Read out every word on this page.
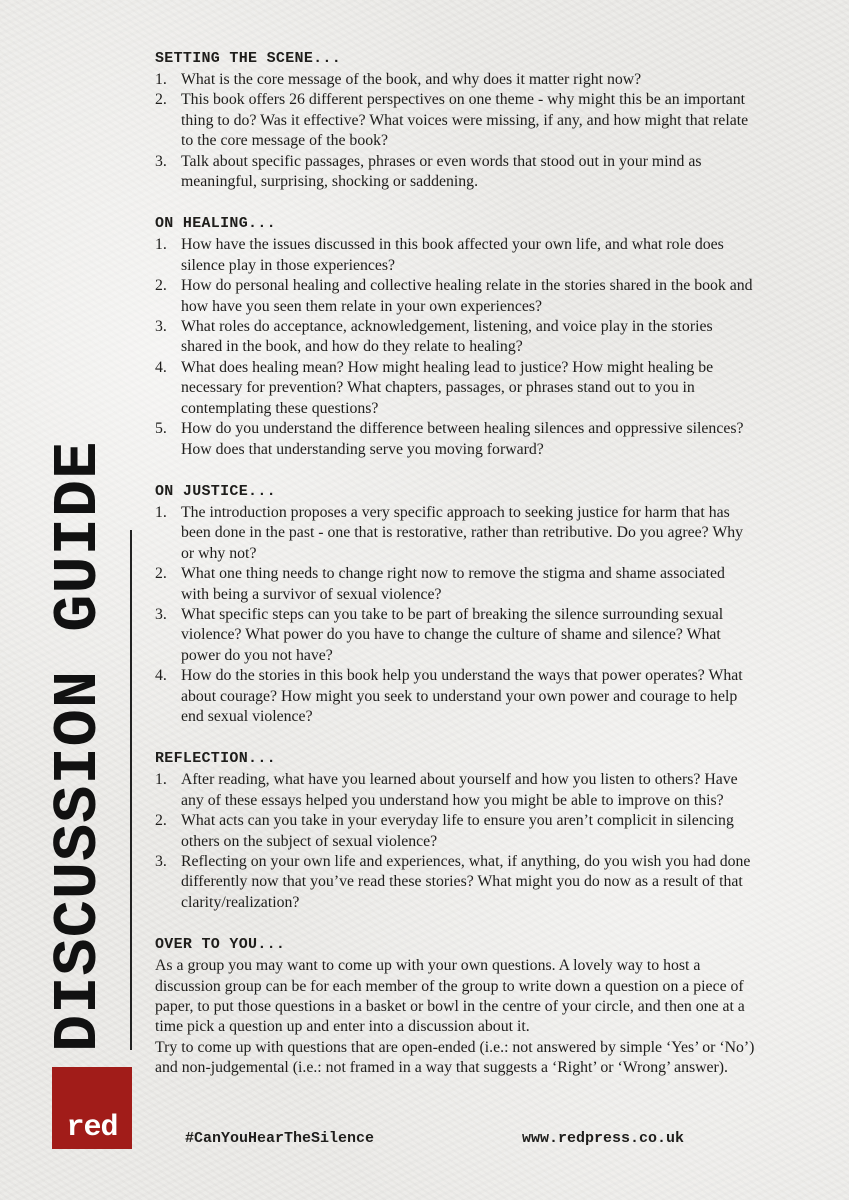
DISCUSSION GUIDE
red
SETTING THE SCENE...
1. What is the core message of the book, and why does it matter right now?
2. This book offers 26 different perspectives on one theme - why might this be an important thing to do? Was it effective? What voices were missing, if any, and how might that relate to the core message of the book?
3. Talk about specific passages, phrases or even words that stood out in your mind as meaningful, surprising, shocking or saddening.
ON HEALING...
1. How have the issues discussed in this book affected your own life, and what role does silence play in those experiences?
2. How do personal healing and collective healing relate in the stories shared in the book and how have you seen them relate in your own experiences?
3. What roles do acceptance, acknowledgement, listening, and voice play in the stories shared in the book, and how do they relate to healing?
4. What does healing mean? How might healing lead to justice? How might healing be necessary for prevention? What chapters, passages, or phrases stand out to you in contemplating these questions?
5. How do you understand the difference between healing silences and oppressive silences? How does that understanding serve you moving forward?
ON JUSTICE...
1. The introduction proposes a very specific approach to seeking justice for harm that has been done in the past - one that is restorative, rather than retributive. Do you agree? Why or why not?
2. What one thing needs to change right now to remove the stigma and shame associated with being a survivor of sexual violence?
3. What specific steps can you take to be part of breaking the silence surrounding sexual violence? What power do you have to change the culture of shame and silence? What power do you not have?
4. How do the stories in this book help you understand the ways that power operates? What about courage? How might you seek to understand your own power and courage to help end sexual violence?
REFLECTION...
1. After reading, what have you learned about yourself and how you listen to others? Have any of these essays helped you understand how you might be able to improve on this?
2. What acts can you take in your everyday life to ensure you aren’t complicit in silencing others on the subject of sexual violence?
3. Reflecting on your own life and experiences, what, if anything, do you wish you had done differently now that you’ve read these stories? What might you do now as a result of that clarity/realization?
OVER TO YOU...

As a group you may want to come up with your own questions. A lovely way to host a discussion group can be for each member of the group to write down a question on a piece of paper, to put those questions in a basket or bowl in the centre of your circle, and then one at a time pick a question up and enter into a discussion about it.

Try to come up with questions that are open-ended (i.e.: not answered by simple ‘Yes’ or ‘No’) and non-judgemental (i.e.: not framed in a way that suggests a ‘Right’ or ‘Wrong’ answer).

#CanYouHearTheSilence	www.redpress.co.uk
